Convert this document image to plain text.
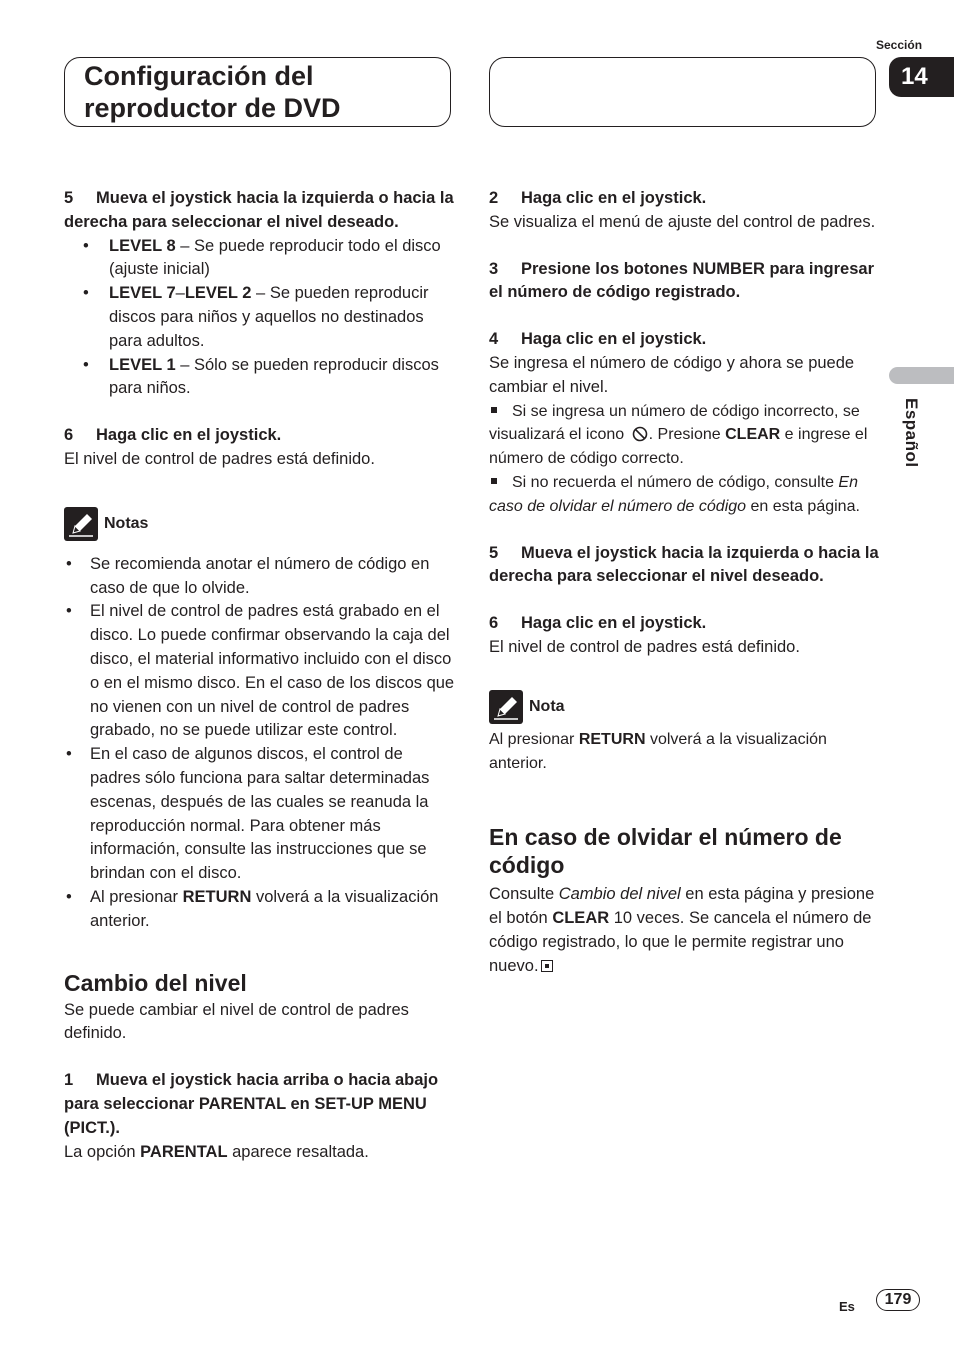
Configuración del reproductor de DVD
Sección
14
Español

5 Mueva el joystick hacia la izquierda o hacia la derecha para seleccionar el nivel deseado.

• LEVEL 8 – Se puede reproducir todo el disco (ajuste inicial)
• LEVEL 7–LEVEL 2 – Se pueden reproducir discos para niños y aquellos no destinados para adultos.
• LEVEL 1 – Sólo se pueden reproducir discos para niños.

6 Haga clic en el joystick.

El nivel de control de padres está definido.

Notas
• Se recomienda anotar el número de código en caso de que lo olvide.
• El nivel de control de padres está grabado en el disco. Lo puede confirmar observando la caja del disco, el material informativo incluido con el disco o en el mismo disco. En el caso de los discos que no vienen con un nivel de control de padres grabado, no se puede utilizar este control.
• En el caso de algunos discos, el control de padres sólo funciona para saltar determinadas escenas, después de las cuales se reanuda la reproducción normal. Para obtener más información, consulte las instrucciones que se brindan con el disco.
• Al presionar RETURN volverá a la visualización anterior.
Cambio del nivel

Se puede cambiar el nivel de control de padres definido.

1 Mueva el joystick hacia arriba o hacia abajo para seleccionar PARENTAL en SET-UP MENU (PICT.).

La opción PARENTAL aparece resaltada.

2 Haga clic en el joystick.

Se visualiza el menú de ajuste del control de padres.

3 Presione los botones NUMBER para ingresar el número de código registrado.

4 Haga clic en el joystick.

Se ingresa el número de código y ahora se puede cambiar el nivel.

Si se ingresa un número de código incorrecto, se visualizará el icono . Presione CLEAR e ingrese el número de código correcto.

Si no recuerda el número de código, consulte En caso de olvidar el número de código en esta página.

5 Mueva el joystick hacia la izquierda o hacia la derecha para seleccionar el nivel deseado.

6 Haga clic en el joystick.

El nivel de control de padres está definido.

Nota

Al presionar RETURN volverá a la visualización anterior.

En caso de olvidar el número de código

Consulte Cambio del nivel en esta página y presione el botón CLEAR 10 veces. Se cancela el número de código registrado, lo que le permite registrar uno nuevo.

Es	179
